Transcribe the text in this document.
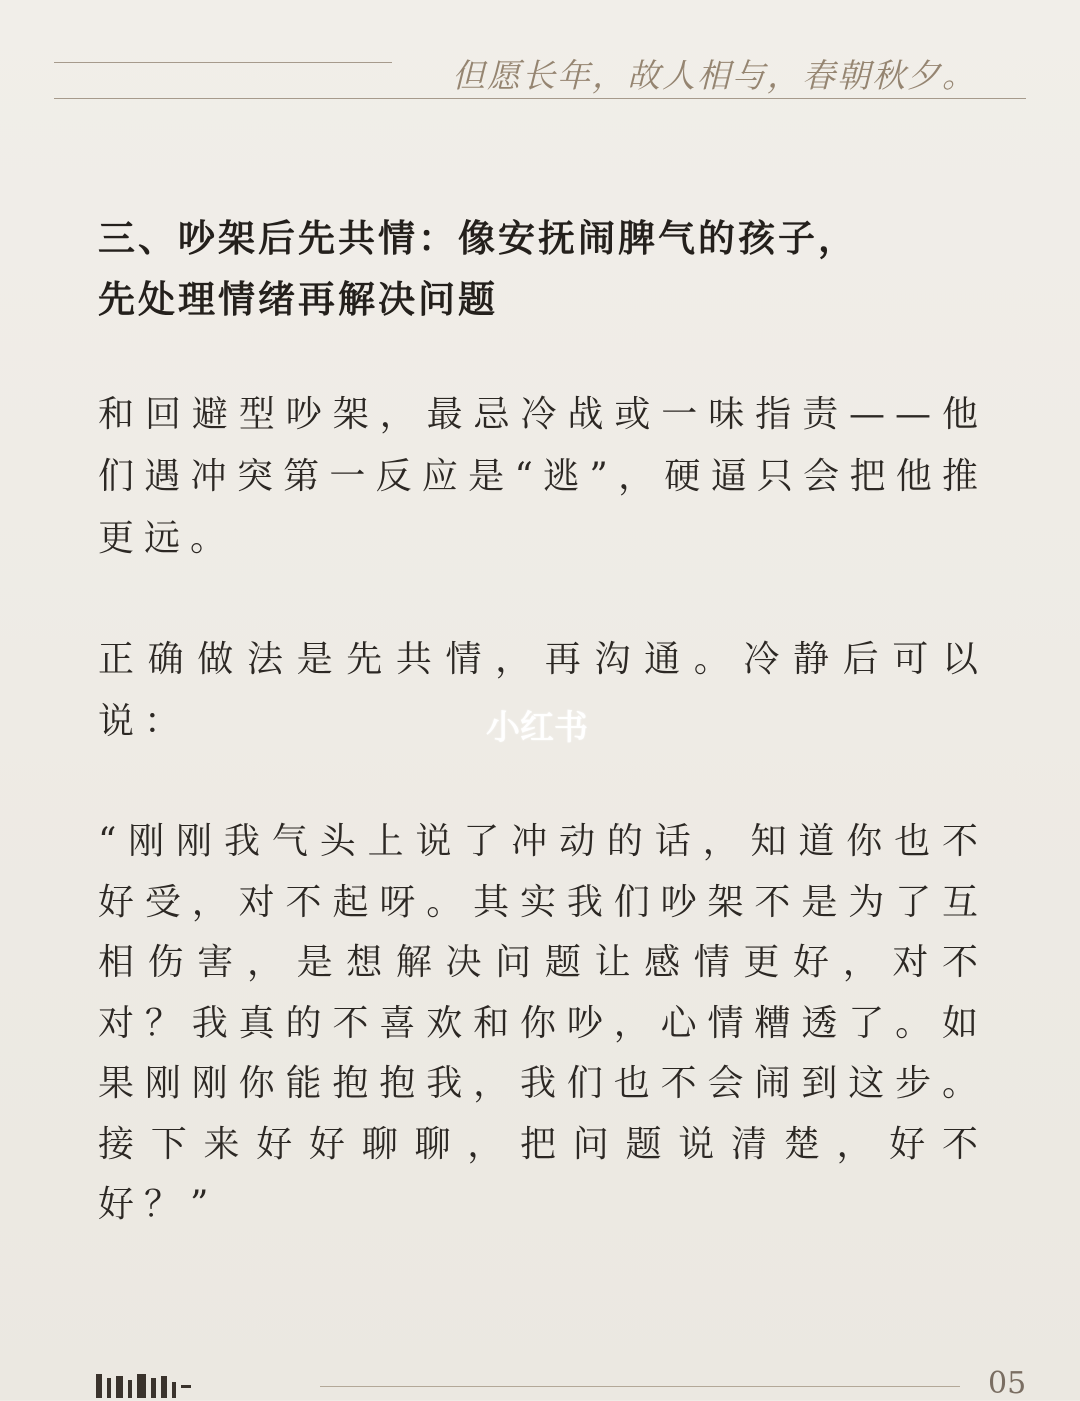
但愿长年，故人相与，春朝秋夕。
三、吵架后先共情：像安抚闹脾气的孩子，
先处理情绪再解决问题
和回避型吵架，最忌冷战或一味指责——他们遇冲突第一反应是“逃”，硬逼只会把他推更远。
正确做法是先共情，再沟通。冷静后可以说：
“刚刚我气头上说了冲动的话，知道你也不好受，对不起呀。其实我们吵架不是为了互相伤害，是想解决问题让感情更好，对不对？我真的不喜欢和你吵，心情糟透了。如果刚刚你能抱抱我，我们也不会闹到这步。接下来好好聊聊，把问题说清楚，好不好？”
小红书
05
